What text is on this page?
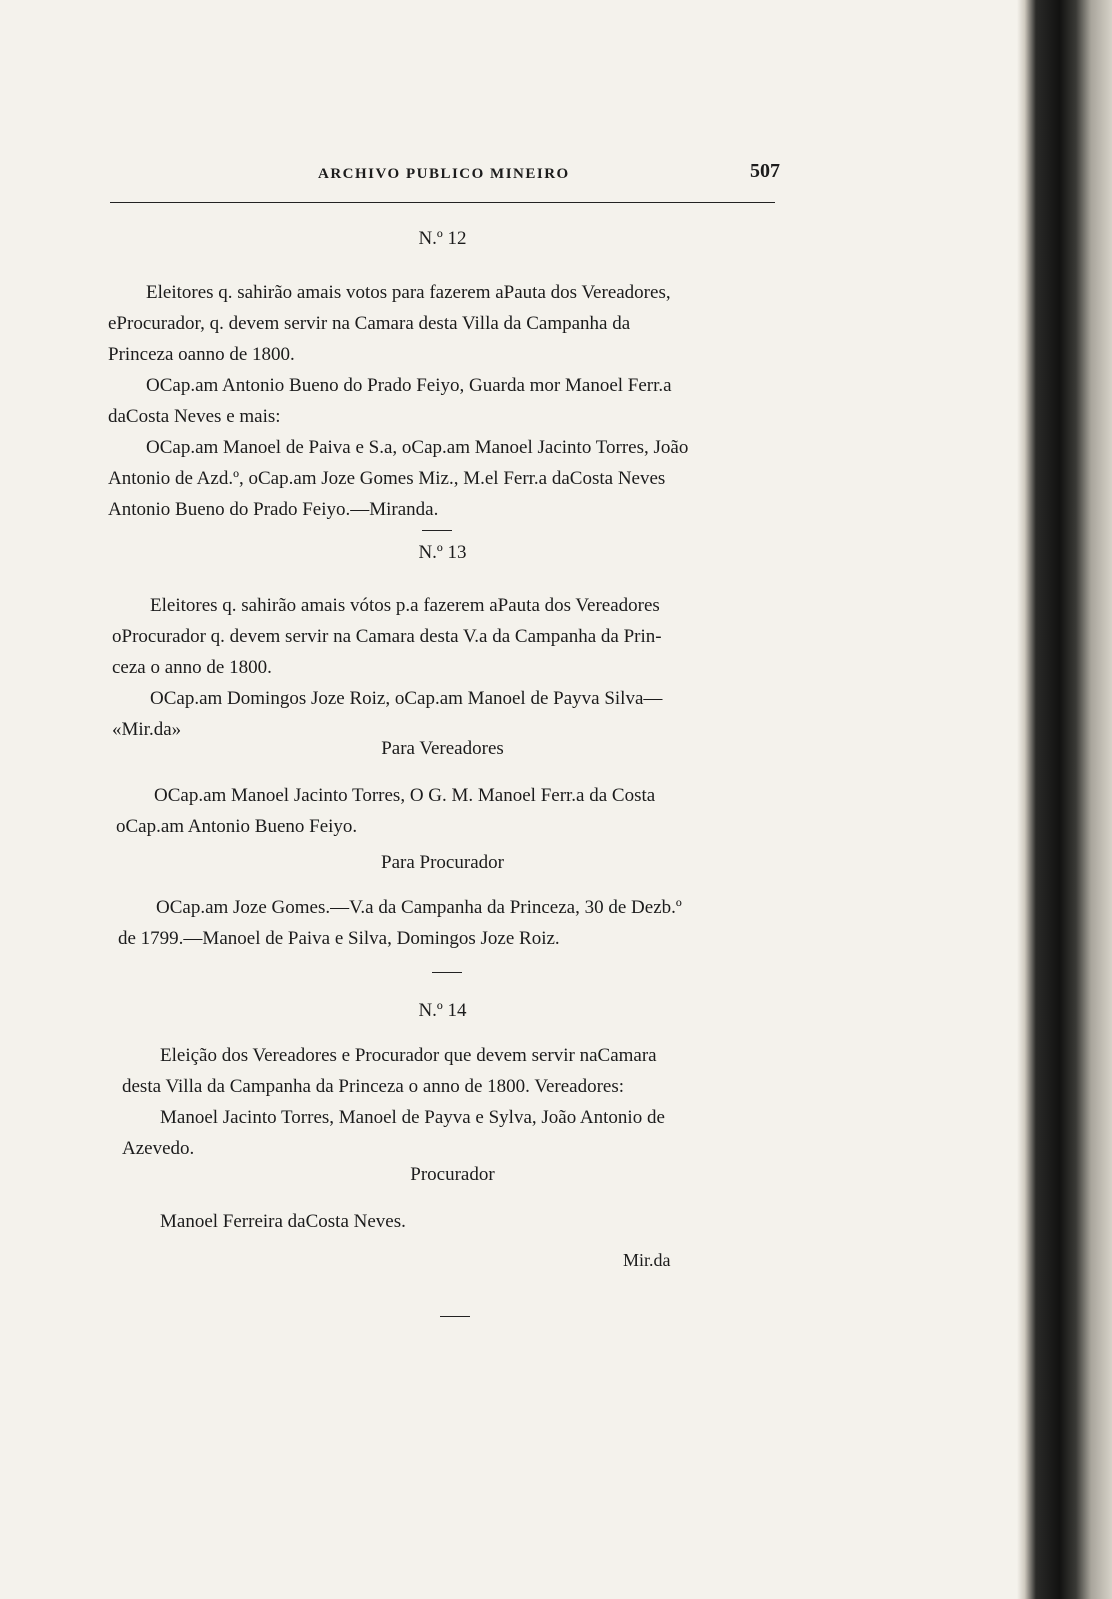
ARCHIVO PUBLICO MINEIRO	507
N.º 12
Eleitores q. sahirão amais votos para fazerem aPauta dos Vereadores,
eProcurador, q. devem servir na Camara desta Villa da Campanha da
Princeza oanno de 1800.
OCap.am Antonio Bueno do Prado Feiyo, Guarda mor Manoel Ferr.a
daCosta Neves e mais:
OCap.am Manoel de Paiva e S.a, oCap.am Manoel Jacinto Torres, João
Antonio de Azd.º, oCap.am Joze Gomes Miz., M.el Ferr.a daCosta Neves
Antonio Bueno do Prado Feiyo.—Miranda.
N.º 13
Eleitores q. sahirão amais vótos p.a fazerem aPauta dos Vereadores
oProcurador q. devem servir na Camara desta V.a da Campanha da Prin-
ceza o anno de 1800.
OCap.am Domingos Joze Roiz, oCap.am Manoel de Payva Silva—
«Mir.da»
Para Vereadores
OCap.am Manoel Jacinto Torres, O G. M. Manoel Ferr.a da Costa
oCap.am Antonio Bueno Feiyo.
Para Procurador
OCap.am Joze Gomes.—V.a da Campanha da Princeza, 30 de Dezb.º
de 1799.—Manoel de Paiva e Silva, Domingos Joze Roiz.
N.º 14
Eleição dos Vereadores e Procurador que devem servir naCamara
desta Villa da Campanha da Princeza o anno de 1800. Vereadores:
Manoel Jacinto Torres, Manoel de Payva e Sylva, João Antonio de
Azevedo.
Procurador
Manoel Ferreira daCosta Neves.
Mir.da
